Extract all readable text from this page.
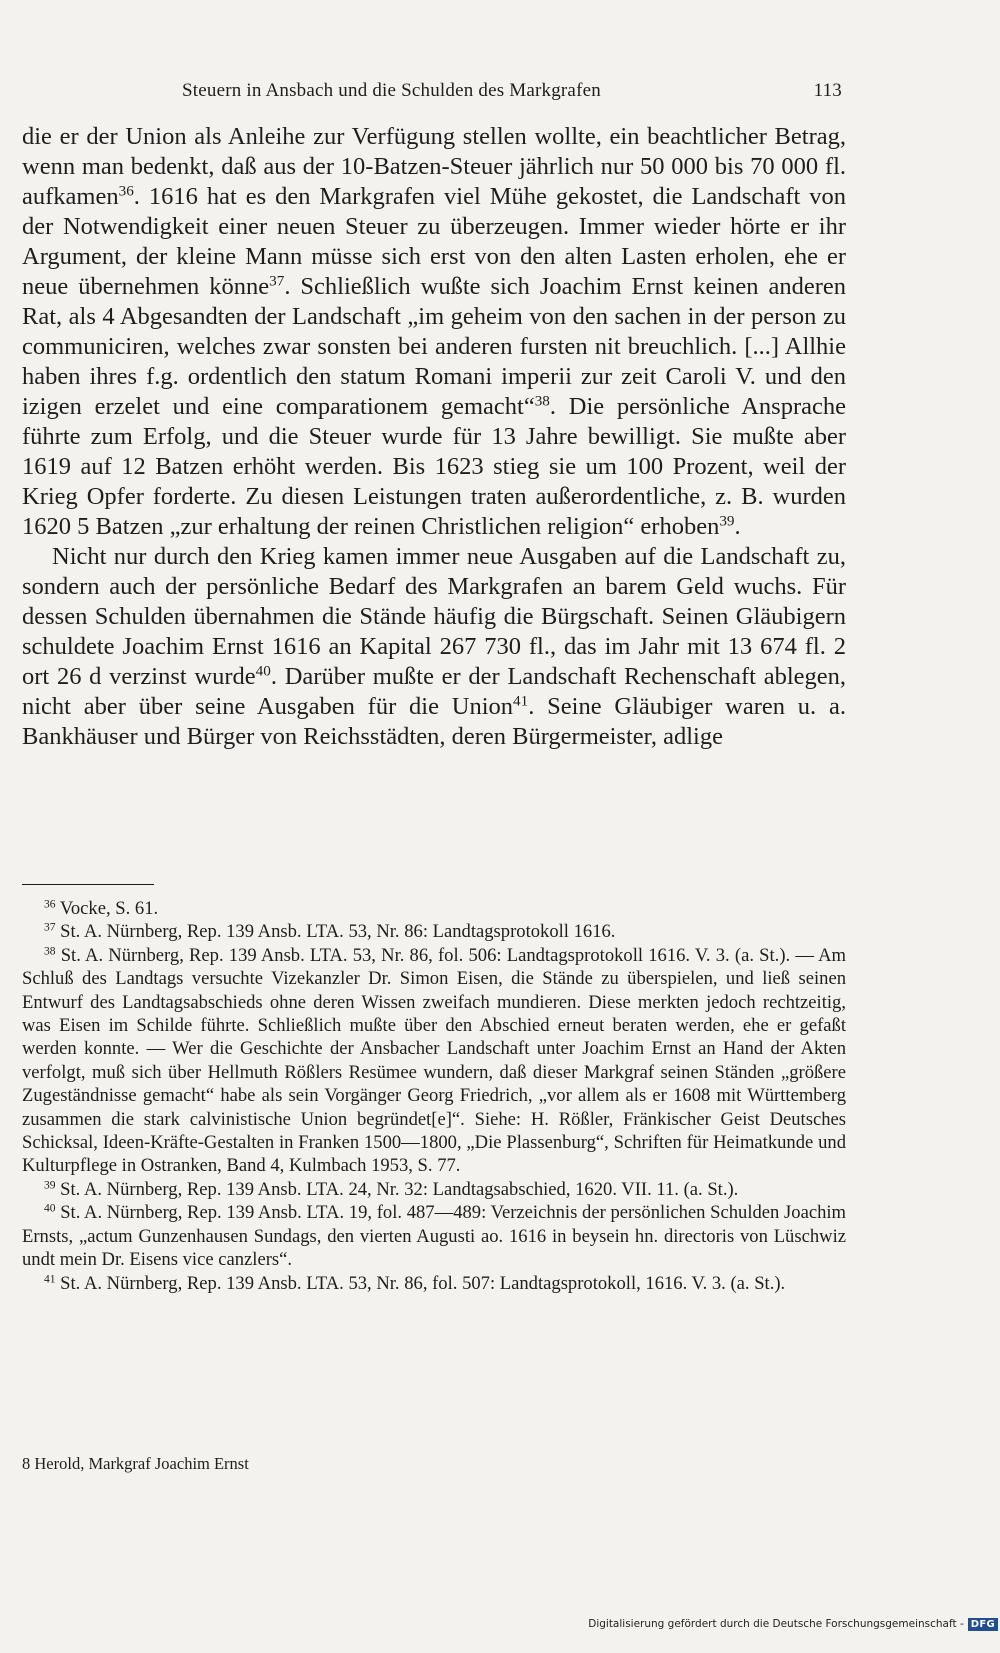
Steuern in Ansbach und die Schulden des Markgrafen	113

die er der Union als Anleihe zur Verfügung stellen wollte, ein beachtlicher Betrag, wenn man bedenkt, daß aus der 10-Batzen-Steuer jährlich nur 50 000 bis 70 000 fl. aufkamen$^{36}$. 1616 hat es den Markgrafen viel Mühe gekostet, die Landschaft von der Notwendigkeit einer neuen Steuer zu überzeugen. Immer wieder hörte er ihr Argument, der kleine Mann müsse sich erst von den alten Lasten erholen, ehe er neue übernehmen könne$^{37}$. Schließlich wußte sich Joachim Ernst keinen anderen Rat, als 4 Abgesandten der Landschaft „im geheim von den sachen in der person zu communiciren, welches zwar sonsten bei anderen fursten nit breuchlich. [...] Allhie haben ihres f.g. ordentlich den statum Romani imperii zur zeit Caroli V. und den izigen erzelet und eine comparationem gemacht“$^{38}$. Die persönliche Ansprache führte zum Erfolg, und die Steuer wurde für 13 Jahre bewilligt. Sie mußte aber 1619 auf 12 Batzen erhöht werden. Bis 1623 stieg sie um 100 Prozent, weil der Krieg Opfer forderte. Zu diesen Leistungen traten außerordentliche, z. B. wurden 1620 5 Batzen „zur erhaltung der reinen Christlichen religion“ erhoben$^{39}$.

Nicht nur durch den Krieg kamen immer neue Ausgaben auf die Landschaft zu, sondern auch der persönliche Bedarf des Markgrafen an barem Geld wuchs. Für dessen Schulden übernahmen die Stände häufig die Bürgschaft. Seinen Gläubigern schuldete Joachim Ernst 1616 an Kapital 267 730 fl., das im Jahr mit 13 674 fl. 2 ort 26 d verzinst wurde$^{40}$. Darüber mußte er der Landschaft Rechenschaft ablegen, nicht aber über seine Ausgaben für die Union$^{41}$. Seine Gläubiger waren u. a. Bankhäuser und Bürger von Reichsstädten, deren Bürgermeister, adlige

$^{36}$ Vocke, S. 61.

$^{37}$ St. A. Nürnberg, Rep. 139 Ansb. LTA. 53, Nr. 86: Landtagsprotokoll 1616.

$^{38}$ St. A. Nürnberg, Rep. 139 Ansb. LTA. 53, Nr. 86, fol. 506: Landtagsprotokoll 1616. V. 3. (a. St.). — Am Schluß des Landtags versuchte Vizekanzler Dr. Simon Eisen, die Stände zu überspielen, und ließ seinen Entwurf des Landtagsabschieds ohne deren Wissen zweifach mundieren. Diese merkten jedoch rechtzeitig, was Eisen im Schilde führte. Schließlich mußte über den Abschied erneut beraten werden, ehe er gefaßt werden konnte. — Wer die Geschichte der Ansbacher Landschaft unter Joachim Ernst an Hand der Akten verfolgt, muß sich über Hellmuth Rößlers Resümee wundern, daß dieser Markgraf seinen Ständen „größere Zugeständnisse gemacht“ habe als sein Vorgänger Georg Friedrich, „vor allem als er 1608 mit Württemberg zusammen die stark calvinistische Union begründet[e]“. Siehe: H. Rößler, Fränkischer Geist Deutsches Schicksal, Ideen-Kräfte-Gestalten in Franken 1500—1800, „Die Plassenburg“, Schriften für Heimatkunde und Kulturpflege in Ostranken, Band 4, Kulmbach 1953, S. 77.

$^{39}$ St. A. Nürnberg, Rep. 139 Ansb. LTA. 24, Nr. 32: Landtagsabschied, 1620. VII. 11. (a. St.).

$^{40}$ St. A. Nürnberg, Rep. 139 Ansb. LTA. 19, fol. 487—489: Verzeichnis der persönlichen Schulden Joachim Ernsts, „actum Gunzenhausen Sundags, den vierten Augusti ao. 1616 in beysein hn. directoris von Lüschwiz undt mein Dr. Eisens vice canzlers“.

$^{41}$ St. A. Nürnberg, Rep. 139 Ansb. LTA. 53, Nr. 86, fol. 507: Landtagsprotokoll, 1616. V. 3. (a. St.).

8 Herold, Markgraf Joachim Ernst
Digitalisierung gefördert durch die Deutsche Forschungsgemeinschaft - DFG
